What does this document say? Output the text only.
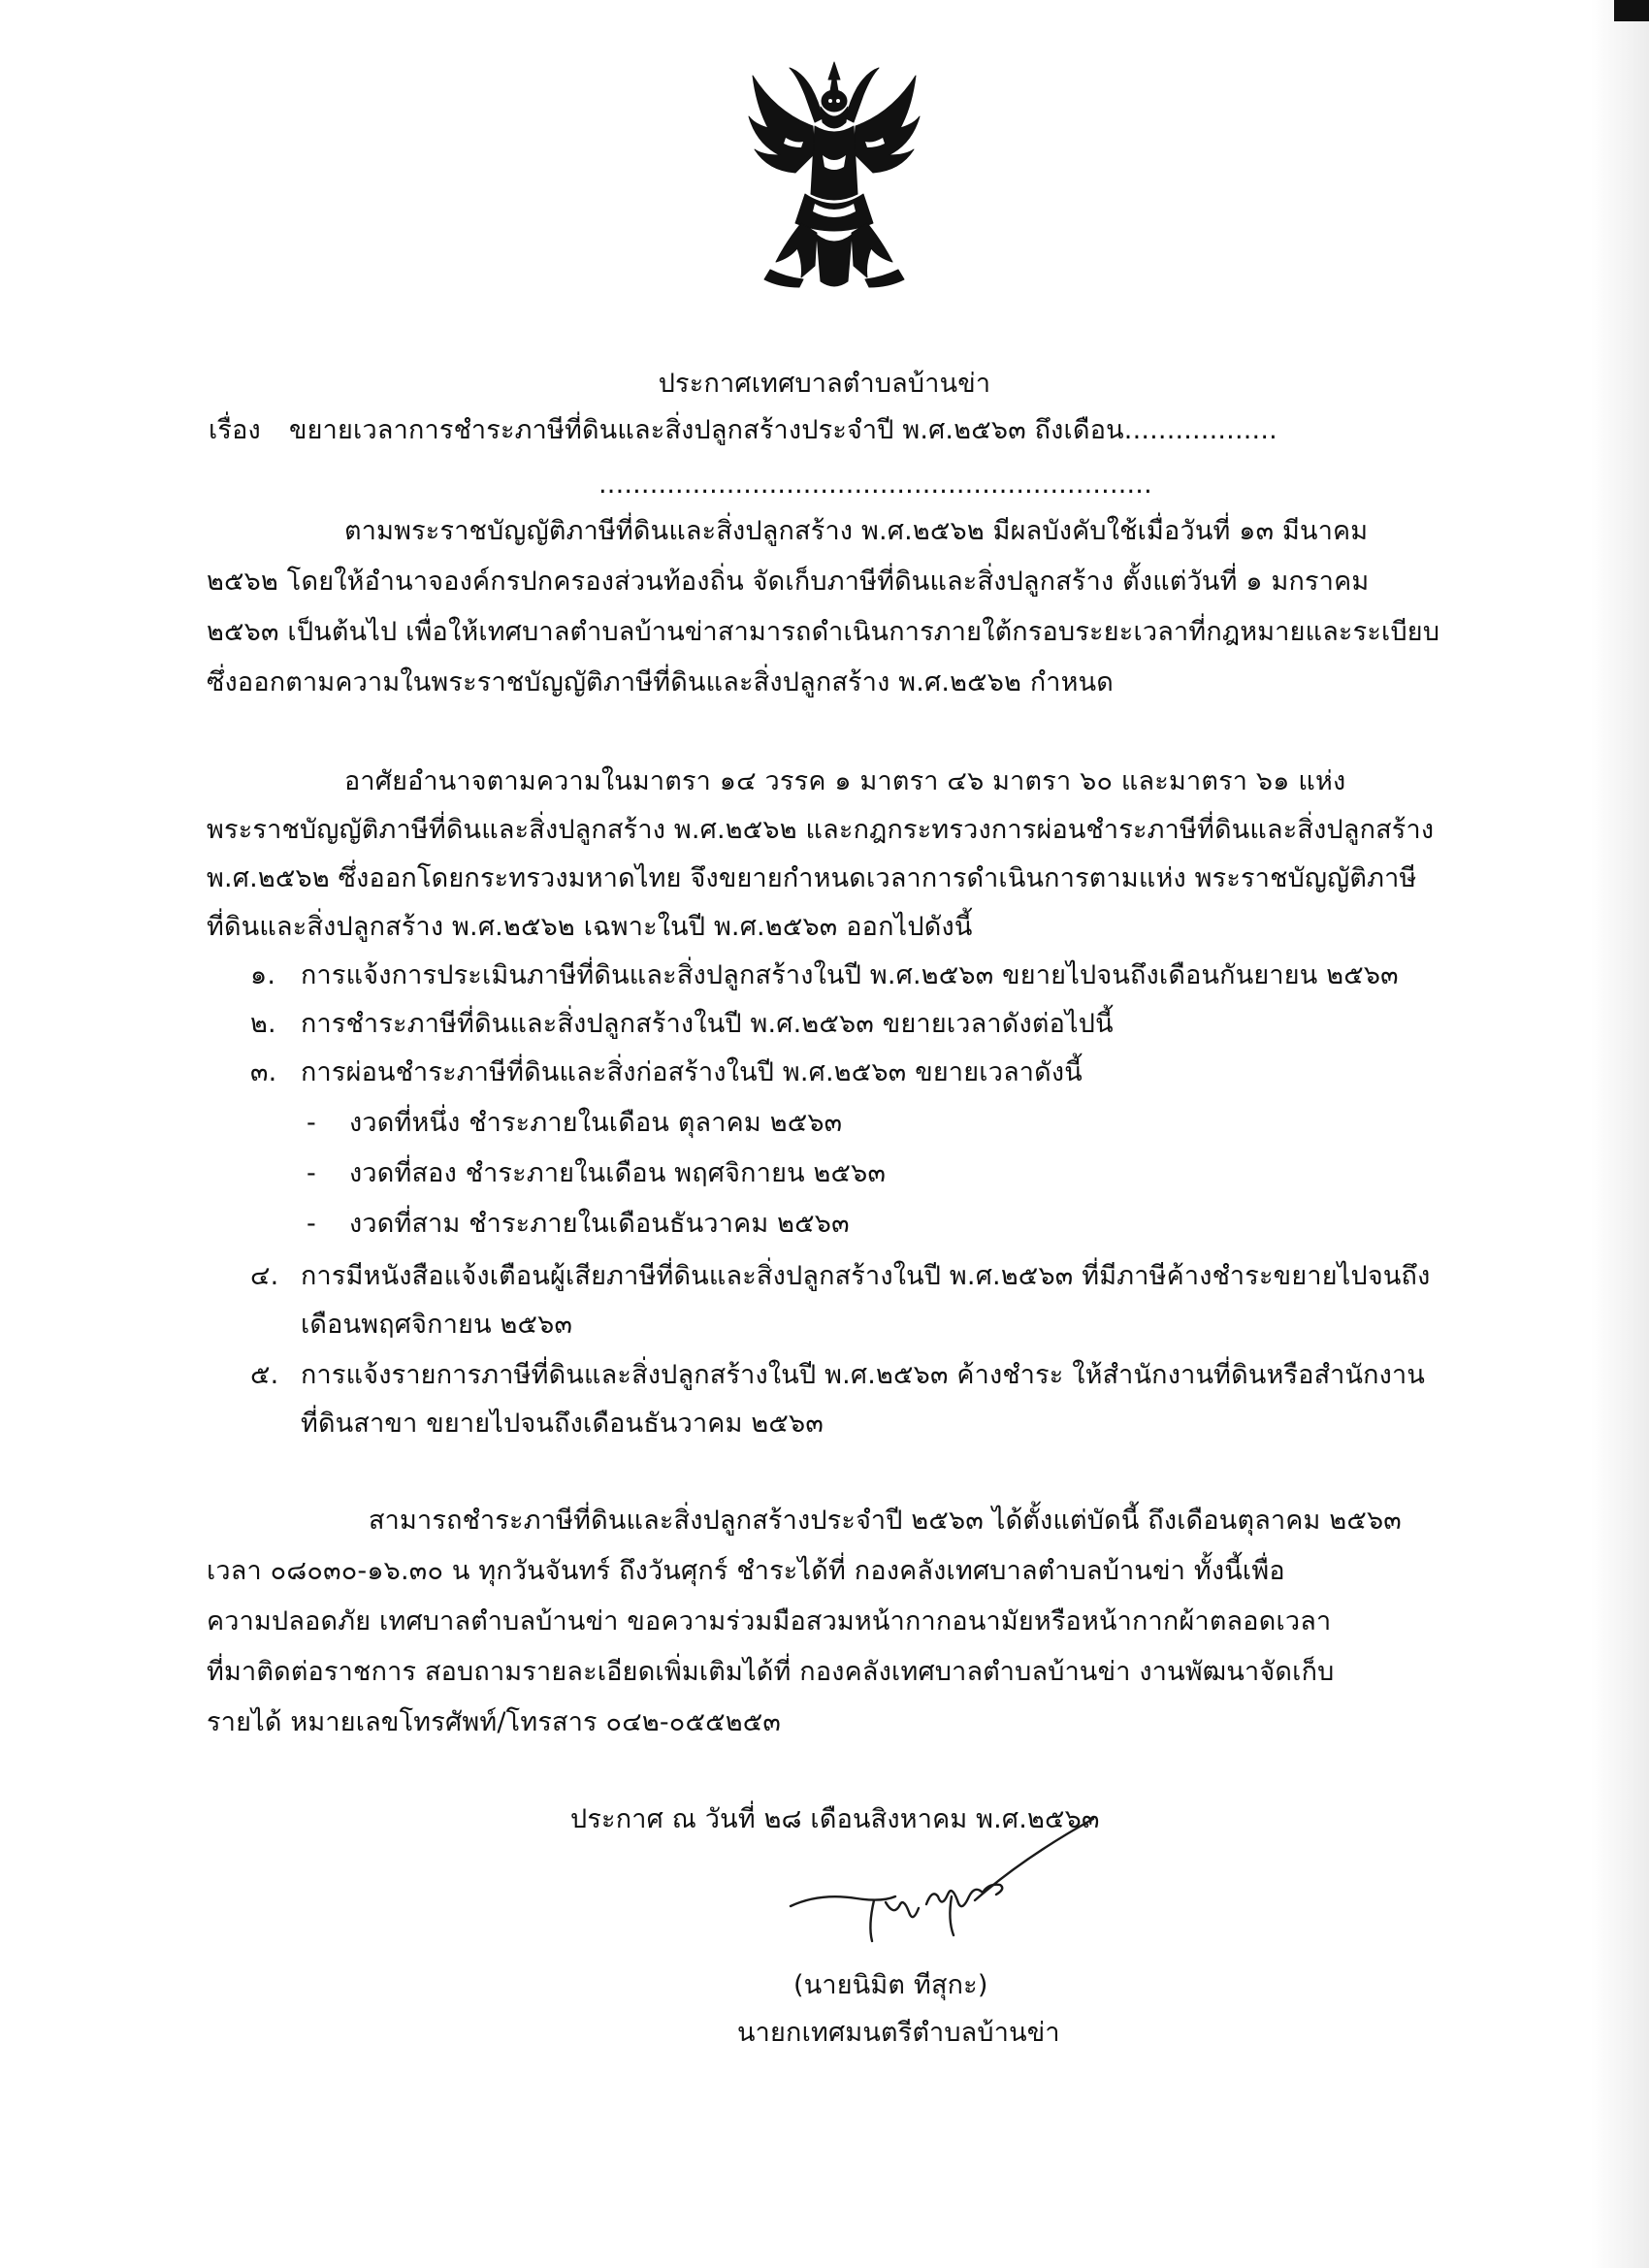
ประกาศเทศบาลตำบลบ้านข่า
เรื่อง ขยายเวลาการชำระภาษีที่ดินและสิ่งปลูกสร้างประจำปี พ.ศ.๒๕๖๓ ถึงเดือน..................
.................................................................
ตามพระราชบัญญัติภาษีที่ดินและสิ่งปลูกสร้าง พ.ศ.๒๕๖๒ มีผลบังคับใช้เมื่อวันที่ ๑๓ มีนาคม
๒๕๖๒ โดยให้อำนาจองค์กรปกครองส่วนท้องถิ่น จัดเก็บภาษีที่ดินและสิ่งปลูกสร้าง ตั้งแต่วันที่ ๑ มกราคม
๒๕๖๓ เป็นต้นไป เพื่อให้เทศบาลตำบลบ้านข่าสามารถดำเนินการภายใต้กรอบระยะเวลาที่กฎหมายและระเบียบ
ซึ่งออกตามความในพระราชบัญญัติภาษีที่ดินและสิ่งปลูกสร้าง พ.ศ.๒๕๖๒ กำหนด
อาศัยอำนาจตามความในมาตรา ๑๔ วรรค ๑ มาตรา ๔๖ มาตรา ๖๐ และมาตรา ๖๑ แห่ง
พระราชบัญญัติภาษีที่ดินและสิ่งปลูกสร้าง พ.ศ.๒๕๖๒ และกฎกระทรวงการผ่อนชำระภาษีที่ดินและสิ่งปลูกสร้าง
พ.ศ.๒๕๖๒ ซึ่งออกโดยกระทรวงมหาดไทย จึงขยายกำหนดเวลาการดำเนินการตามแห่ง พระราชบัญญัติภาษี
ที่ดินและสิ่งปลูกสร้าง พ.ศ.๒๕๖๒ เฉพาะในปี พ.ศ.๒๕๖๓ ออกไปดังนี้
๑. การแจ้งการประเมินภาษีที่ดินและสิ่งปลูกสร้างในปี พ.ศ.๒๕๖๓ ขยายไปจนถึงเดือนกันยายน ๒๕๖๓
๒. การชำระภาษีที่ดินและสิ่งปลูกสร้างในปี พ.ศ.๒๕๖๓ ขยายเวลาดังต่อไปนี้
๓. การผ่อนชำระภาษีที่ดินและสิ่งก่อสร้างในปี พ.ศ.๒๕๖๓ ขยายเวลาดังนี้
- งวดที่หนึ่ง ชำระภายในเดือน ตุลาคม ๒๕๖๓
- งวดที่สอง ชำระภายในเดือน พฤศจิกายน ๒๕๖๓
- งวดที่สาม ชำระภายในเดือนธันวาคม ๒๕๖๓
๔. การมีหนังสือแจ้งเตือนผู้เสียภาษีที่ดินและสิ่งปลูกสร้างในปี พ.ศ.๒๕๖๓ ที่มีภาษีค้างชำระขยายไปจนถึง
เดือนพฤศจิกายน ๒๕๖๓
๕. การแจ้งรายการภาษีที่ดินและสิ่งปลูกสร้างในปี พ.ศ.๒๕๖๓ ค้างชำระ ให้สำนักงานที่ดินหรือสำนักงาน
ที่ดินสาขา ขยายไปจนถึงเดือนธันวาคม ๒๕๖๓
สามารถชำระภาษีที่ดินและสิ่งปลูกสร้างประจำปี ๒๕๖๓ ได้ตั้งแต่บัดนี้ ถึงเดือนตุลาคม ๒๕๖๓
เวลา ๐๘๐๓๐-๑๖.๓๐ น ทุกวันจันทร์ ถึงวันศุกร์ ชำระได้ที่ กองคลังเทศบาลตำบลบ้านข่า ทั้งนี้เพื่อ
ความปลอดภัย เทศบาลตำบลบ้านข่า ขอความร่วมมือสวมหน้ากากอนามัยหรือหน้ากากผ้าตลอดเวลา
ที่มาติดต่อราชการ สอบถามรายละเอียดเพิ่มเติมได้ที่ กองคลังเทศบาลตำบลบ้านข่า งานพัฒนาจัดเก็บ
รายได้ หมายเลขโทรศัพท์/โทรสาร ๐๔๒-๐๕๕๒๕๓
ประกาศ ณ วันที่ ๒๘ เดือนสิงหาคม พ.ศ.๒๕๖๓
(นายนิมิต ทีสุกะ)
นายกเทศมนตรีตำบลบ้านข่า
